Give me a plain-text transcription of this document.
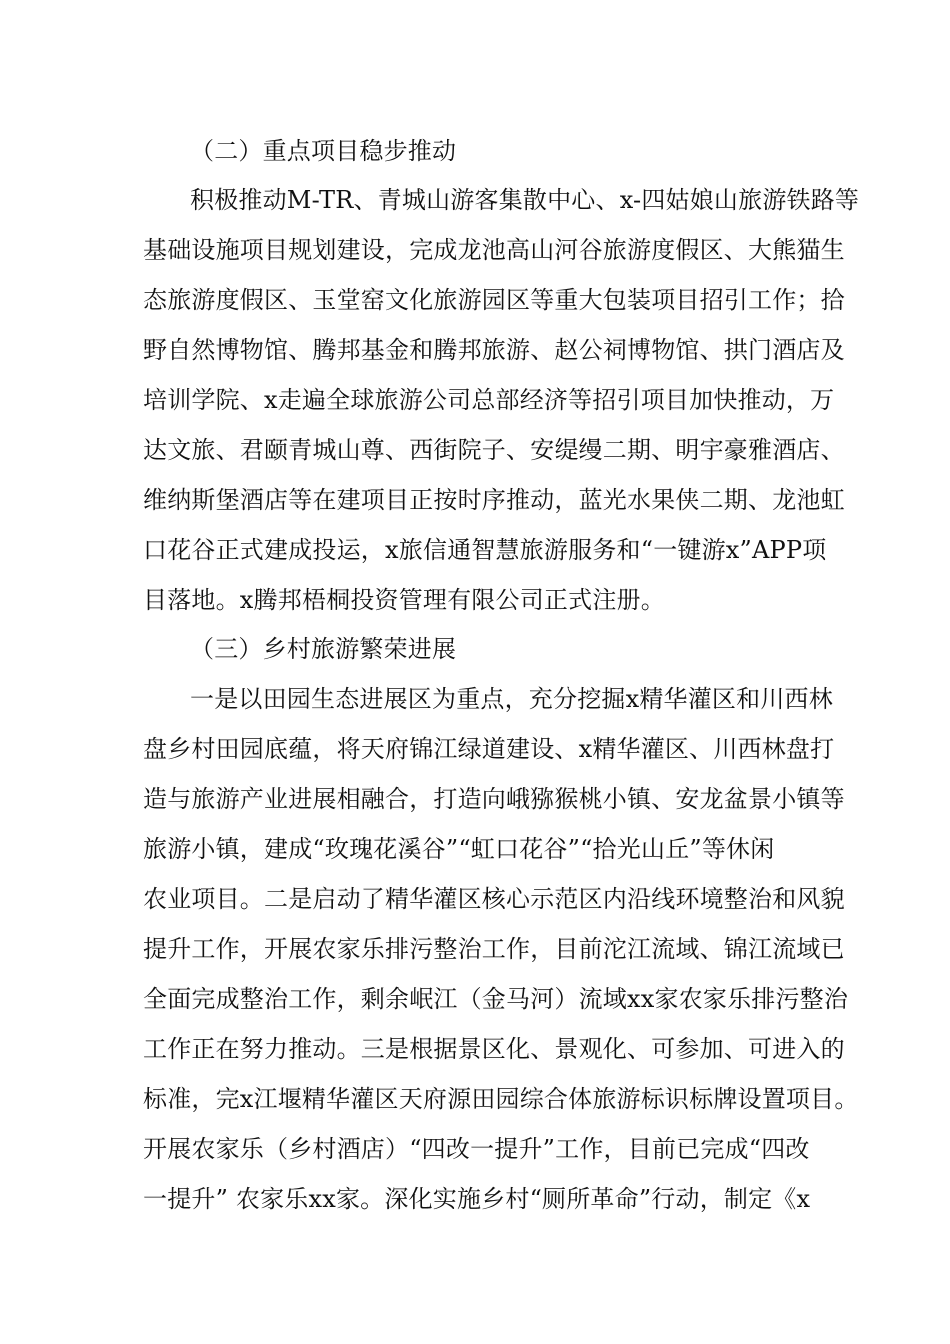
（二）重点项目稳步推动
积极推动M-TR、青城山游客集散中心、x-四姑娘山旅游铁路等
基础设施项目规划建设，完成龙池高山河谷旅游度假区、大熊猫生
态旅游度假区、玉堂窑文化旅游园区等重大包装项目招引工作；拾
野自然博物馆、腾邦基金和腾邦旅游、赵公祠博物馆、拱门酒店及
培训学院、x走遍全球旅游公司总部经济等招引项目加快推动，万
达文旅、君颐青城山尊、西街院子、安缇缦二期、明宇豪雅酒店、
维纳斯堡酒店等在建项目正按时序推动，蓝光水果侠二期、龙池虹
口花谷正式建成投运，x旅信通智慧旅游服务和“一键游x”APP项
目落地。x腾邦梧桐投资管理有限公司正式注册。
（三）乡村旅游繁荣进展
一是以田园生态进展区为重点，充分挖掘x精华灌区和川西林
盘乡村田园底蕴，将天府锦江绿道建设、x精华灌区、川西林盘打
造与旅游产业进展相融合，打造向峨猕猴桃小镇、安龙盆景小镇等
旅游小镇，建成“玫瑰花溪谷”“虹口花谷”“拾光山丘”等休闲
农业项目。二是启动了精华灌区核心示范区内沿线环境整治和风貌
提升工作，开展农家乐排污整治工作，目前沱江流域、锦江流域已
全面完成整治工作，剩余岷江（金马河）流域xx家农家乐排污整治
工作正在努力推动。三是根据景区化、景观化、可参加、可进入的
标准，完x江堰精华灌区天府源田园综合体旅游标识标牌设置项目。
开展农家乐（乡村酒店）“四改一提升”工作，目前已完成“四改
一提升” 农家乐xx家。深化实施乡村“厕所革命”行动，制定《x
